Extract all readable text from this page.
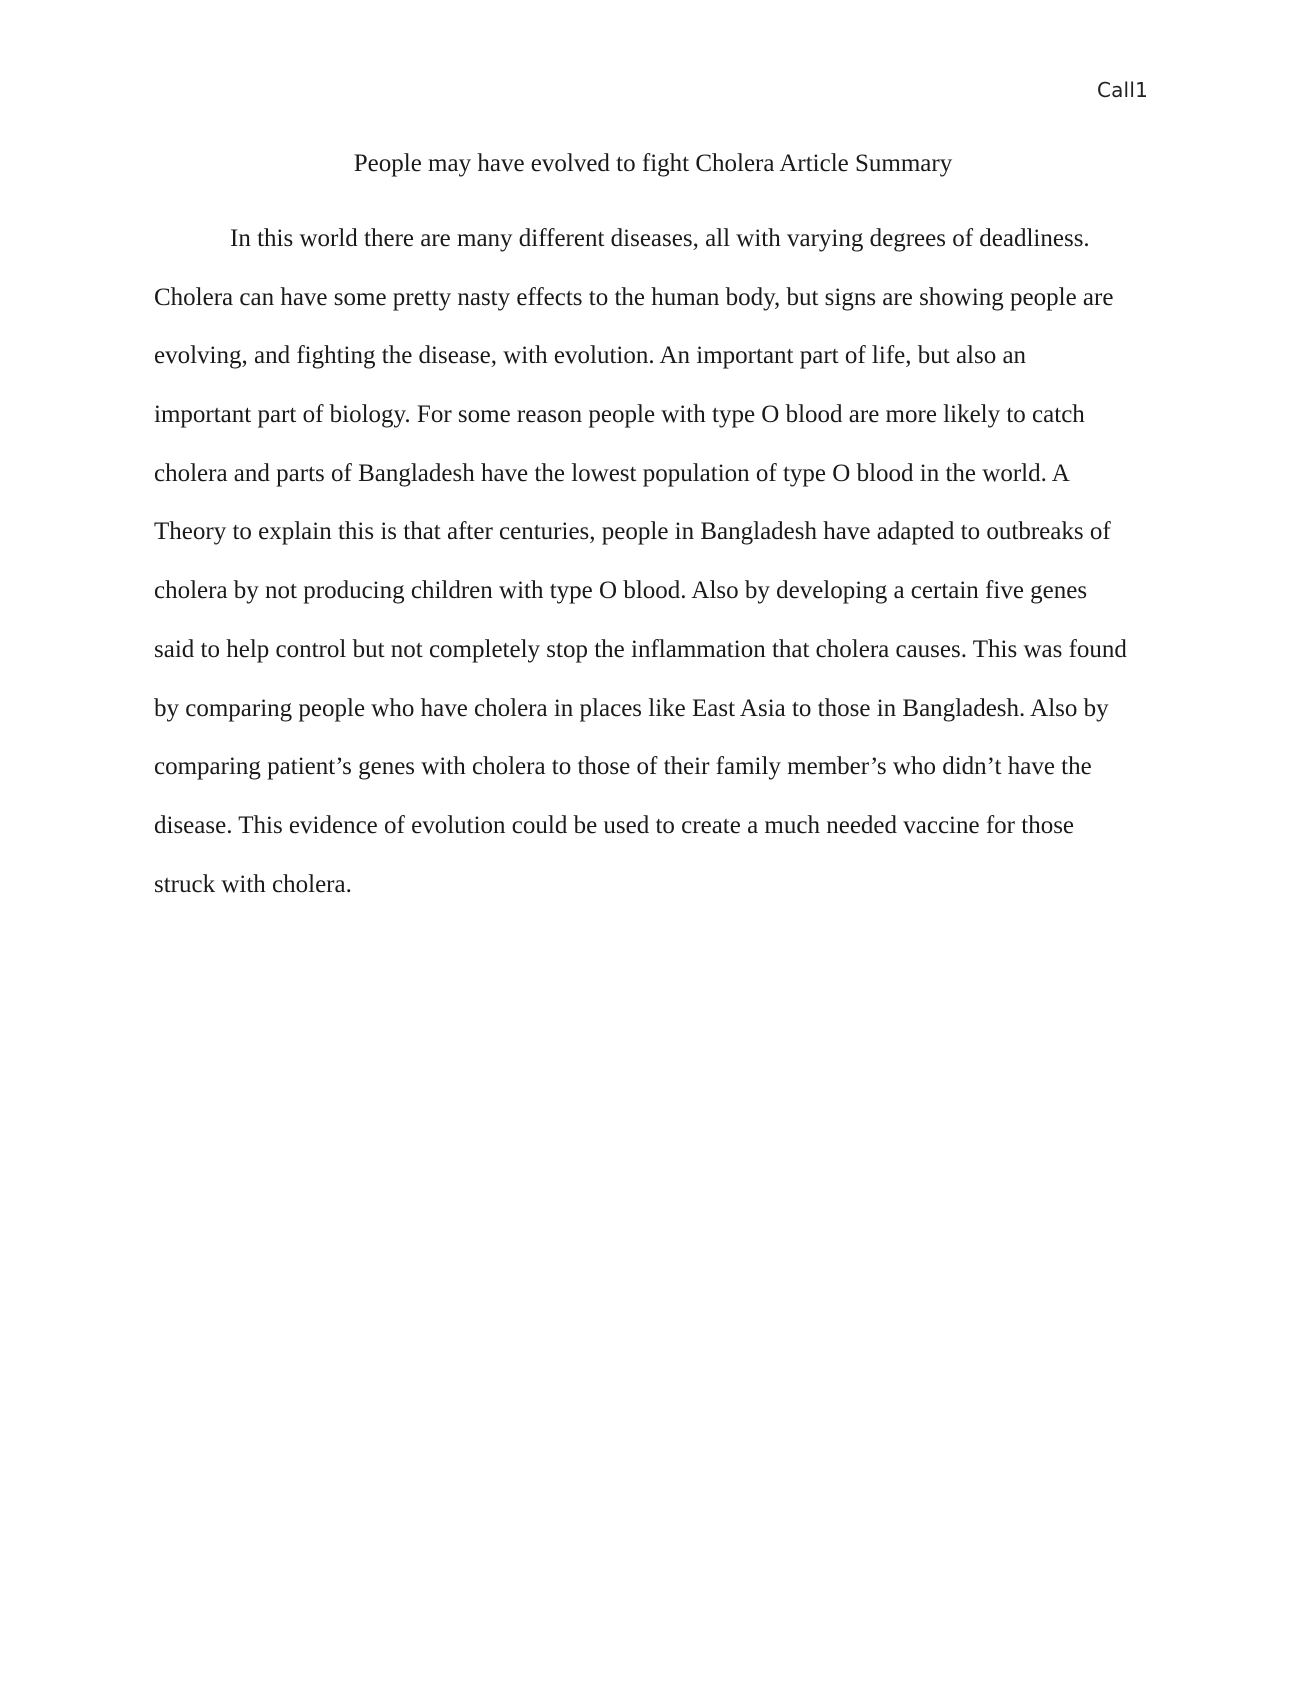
Call1
People may have evolved to fight Cholera Article Summary
In this world there are many different diseases, all with varying degrees of deadliness.
Cholera can have some pretty nasty effects to the human body, but signs are showing people are
evolving, and fighting the disease, with evolution. An important part of life, but also an
important part of biology. For some reason people with type O blood are more likely to catch
cholera and parts of Bangladesh have the lowest population of type O blood in the world. A
Theory to explain this is that after centuries, people in Bangladesh have adapted to outbreaks of
cholera by not producing children with type O blood. Also by developing a certain five genes
said to help control but not completely stop the inflammation that cholera causes. This was found
by comparing people who have cholera in places like East Asia to those in Bangladesh. Also by
comparing patient’s genes with cholera to those of their family member’s who didn’t have the
disease. This evidence of evolution could be used to create a much needed vaccine for those
struck with cholera.
